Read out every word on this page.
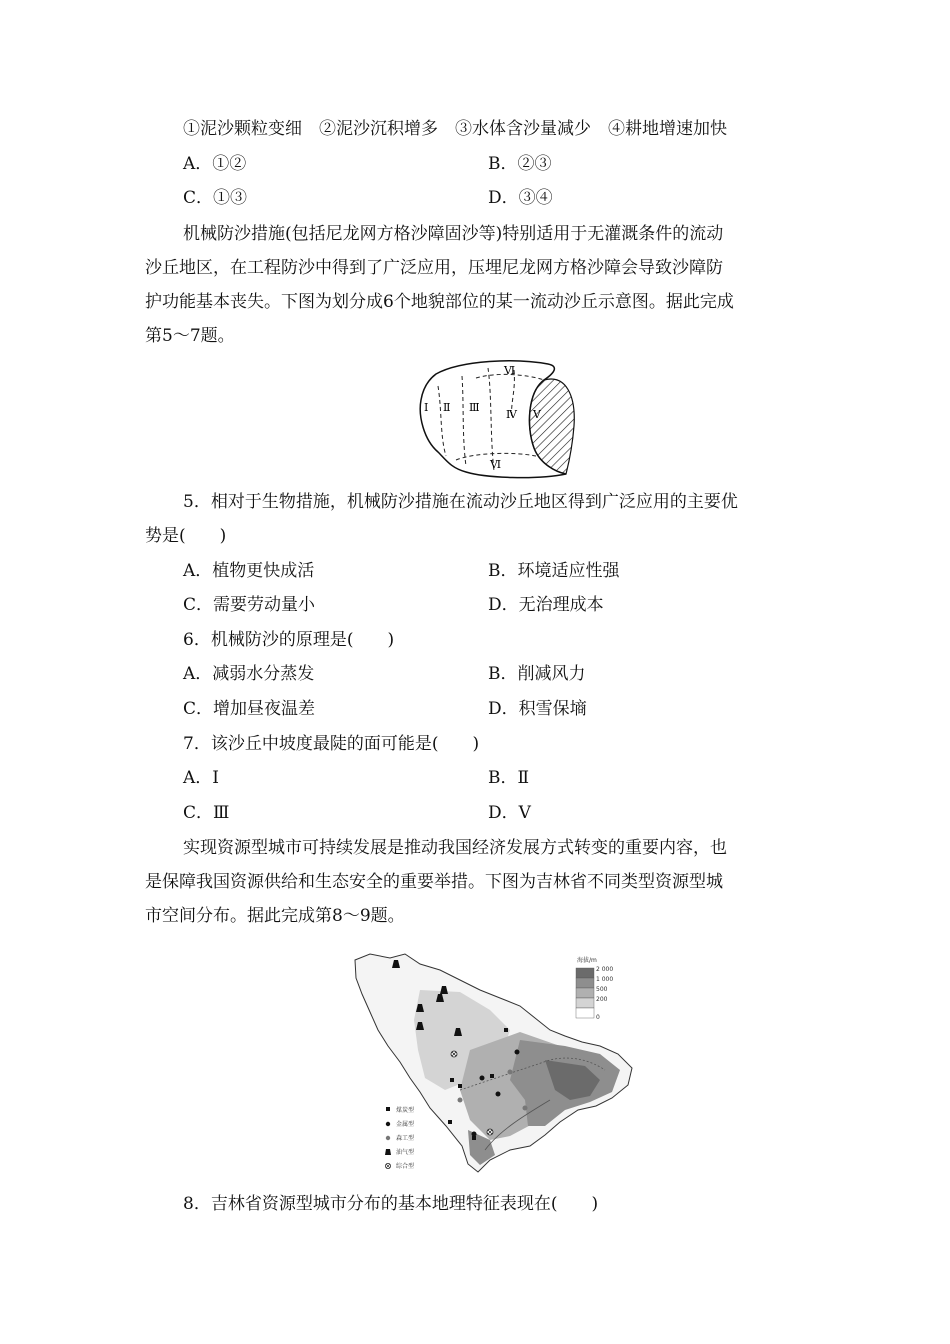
①泥沙颗粒变细　②泥沙沉积增多　③水体含沙量减少　④耕地增速加快
A．①②	B．②③
C．①③	D．③④
机械防沙措施(包括尼龙网方格沙障固沙等)特别适用于无灌溉条件的流动
沙丘地区，在工程防沙中得到了广泛应用，压埋尼龙网方格沙障会导致沙障防
护功能基本丧失。下图为划分成6个地貌部位的某一流动沙丘示意图。据此完成
第5～7题。
Ⅰ Ⅱ Ⅲ
Ⅳ Ⅴ
Ⅵ
Ⅵ
5．相对于生物措施，机械防沙措施在流动沙丘地区得到广泛应用的主要优
势是(　　)
A．植物更快成活	B．环境适应性强
C．需要劳动量小	D．无治理成本
6．机械防沙的原理是(　　)
A．减弱水分蒸发	B．削减风力
C．增加昼夜温差	D．积雪保墒
7．该沙丘中坡度最陡的面可能是(　　)
A．Ⅰ	B．Ⅱ
C．Ⅲ	D．Ⅴ
实现资源型城市可持续发展是推动我国经济发展方式转变的重要内容，也
是保障我国资源供给和生态安全的重要举措。下图为吉林省不同类型资源型城
市空间分布。据此完成第8～9题。
海拔/m
2 000
1 000
500
200
0
煤炭型
金属型
森工型
油气型
综合型
8．吉林省资源型城市分布的基本地理特征表现在(　　)
